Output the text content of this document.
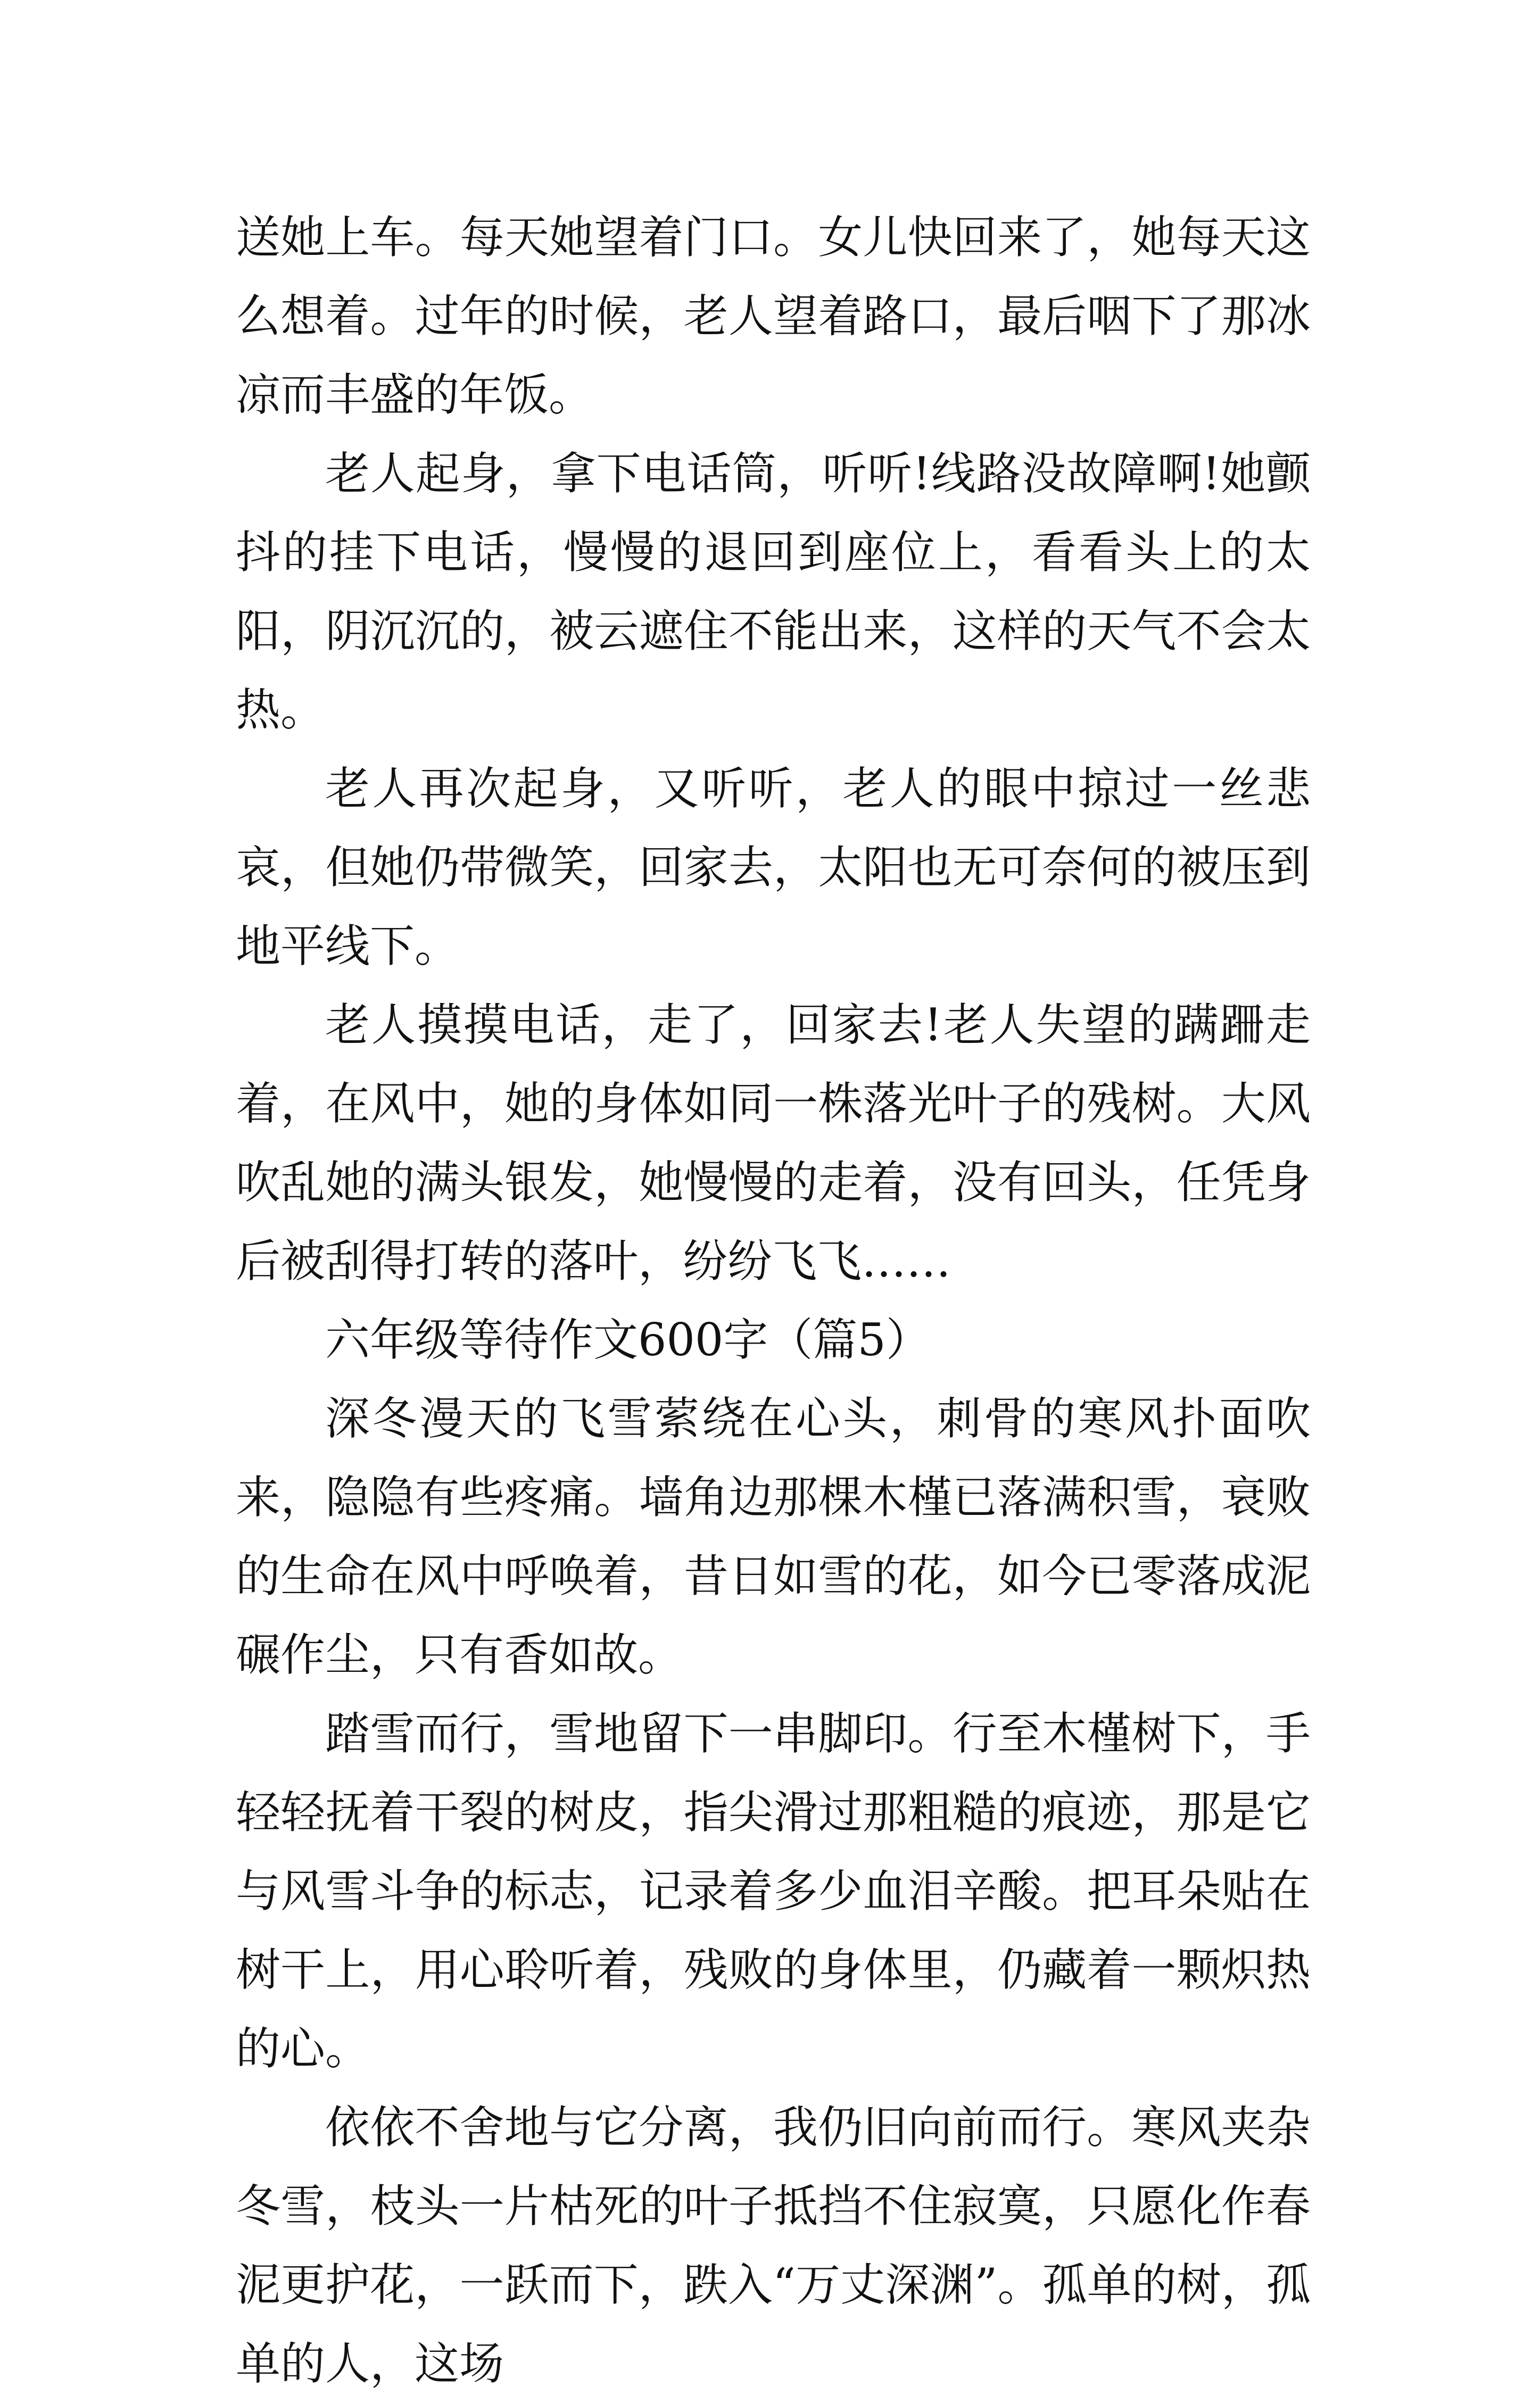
送她上车。每天她望着门口。女儿快回来了，她每天这么想着。过年的时候，老人望着路口，最后咽下了那冰凉而丰盛的年饭。

老人起身，拿下电话筒，听听!线路没故障啊!她颤抖的挂下电话，慢慢的退回到座位上，看看头上的太阳，阴沉沉的，被云遮住不能出来，这样的天气不会太热。

老人再次起身，又听听，老人的眼中掠过一丝悲哀，但她仍带微笑，回家去，太阳也无可奈何的被压到地平线下。

老人摸摸电话，走了，回家去!老人失望的蹒跚走着，在风中，她的身体如同一株落光叶子的残树。大风吹乱她的满头银发，她慢慢的走着，没有回头，任凭身后被刮得打转的落叶，纷纷飞飞……

六年级等待作文600字（篇5）

深冬漫天的飞雪萦绕在心头，刺骨的寒风扑面吹来，隐隐有些疼痛。墙角边那棵木槿已落满积雪，衰败的生命在风中呼唤着，昔日如雪的花，如今已零落成泥碾作尘，只有香如故。

踏雪而行，雪地留下一串脚印。行至木槿树下，手轻轻抚着干裂的树皮，指尖滑过那粗糙的痕迹，那是它与风雪斗争的标志，记录着多少血泪辛酸。把耳朵贴在树干上，用心聆听着，残败的身体里，仍藏着一颗炽热的心。

依依不舍地与它分离，我仍旧向前而行。寒风夹杂冬雪，枝头一片枯死的叶子抵挡不住寂寞，只愿化作春泥更护花，一跃而下，跌入“万丈深渊”。孤单的树，孤单的人，这场
